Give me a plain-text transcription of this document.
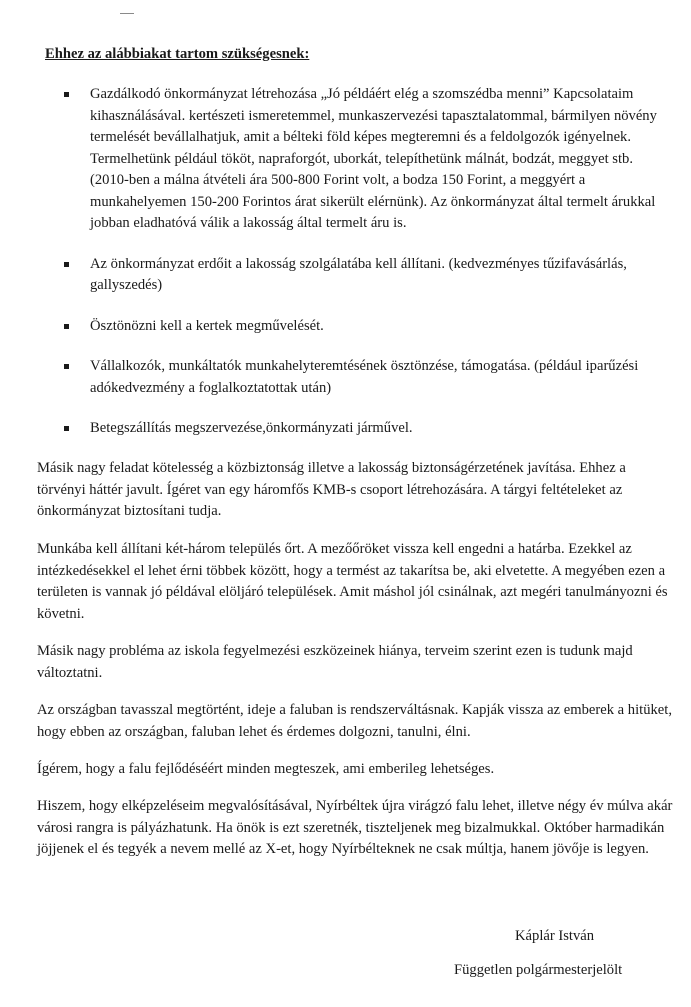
Ehhez az alábbiakat tartom szükségesnek:

Gazdálkodó önkormányzat létrehozása „Jó példáért elég a szomszédba menni” Kapcsolataim kihasználásával. kertészeti ismeretemmel, munkaszervezési tapasztalatommal, bármilyen növény termelését bevállalhatjuk, amit a bélteki föld képes megteremni és a feldolgozók igényelnek. Termelhetünk például tököt, napraforgót, uborkát, telepíthetünk málnát, bodzát, meggyet stb.(2010-ben a málna átvételi ára 500-800 Forint volt, a bodza 150 Forint, a meggyért a munkahelyemen 150-200 Forintos árat sikerült elérnünk). Az önkormányzat által termelt árukkal jobban eladhatóvá válik a lakosság által termelt áru is.
Az önkormányzat erdőit a lakosság szolgálatába kell állítani. (kedvezményes tűzifavásárlás, gallyszedés)
Ösztönözni kell a kertek megművelését.
Vállalkozók, munkáltatók munkahelyteremtésének ösztönzése, támogatása. (például iparűzési adókedvezmény a foglalkoztatottak után)
Betegszállítás megszervezése,önkormányzati járművel.

Másik nagy feladat kötelesség a közbiztonság illetve a lakosság biztonságérzetének javítása. Ehhez a törvényi háttér javult. Ígéret van egy háromfős KMB-s csoport létrehozására. A tárgyi feltételeket az önkormányzat biztosítani tudja.

Munkába kell állítani két-három település őrt. A mezőőröket vissza kell engedni a határba. Ezekkel az intézkedésekkel el lehet érni többek között, hogy a termést az takarítsa be, aki elvetette. A megyében ezen a területen is vannak jó példával elöljáró települések. Amit máshol jól csinálnak, azt megéri tanulmányozni és követni.

Másik nagy probléma az iskola fegyelmezési eszközeinek hiánya, terveim szerint ezen is tudunk majd változtatni.

Az országban tavasszal megtörtént, ideje a faluban is rendszerváltásnak. Kapják vissza az emberek a hitüket, hogy ebben az országban, faluban lehet és érdemes dolgozni, tanulni, élni.

Ígérem, hogy a falu fejlődéséért minden megteszek, ami emberileg lehetséges.

Hiszem, hogy elképzeléseim megvalósításával, Nyírbéltek újra virágzó falu lehet, illetve négy év múlva akár városi rangra is pályázhatunk. Ha önök is ezt szeretnék, tiszteljenek meg bizalmukkal. Október harmadikán jöjjenek el és tegyék a nevem mellé az X-et, hogy Nyírbélteknek ne csak múltja, hanem jövője is legyen.

Káplár István

Független polgármesterjelölt
